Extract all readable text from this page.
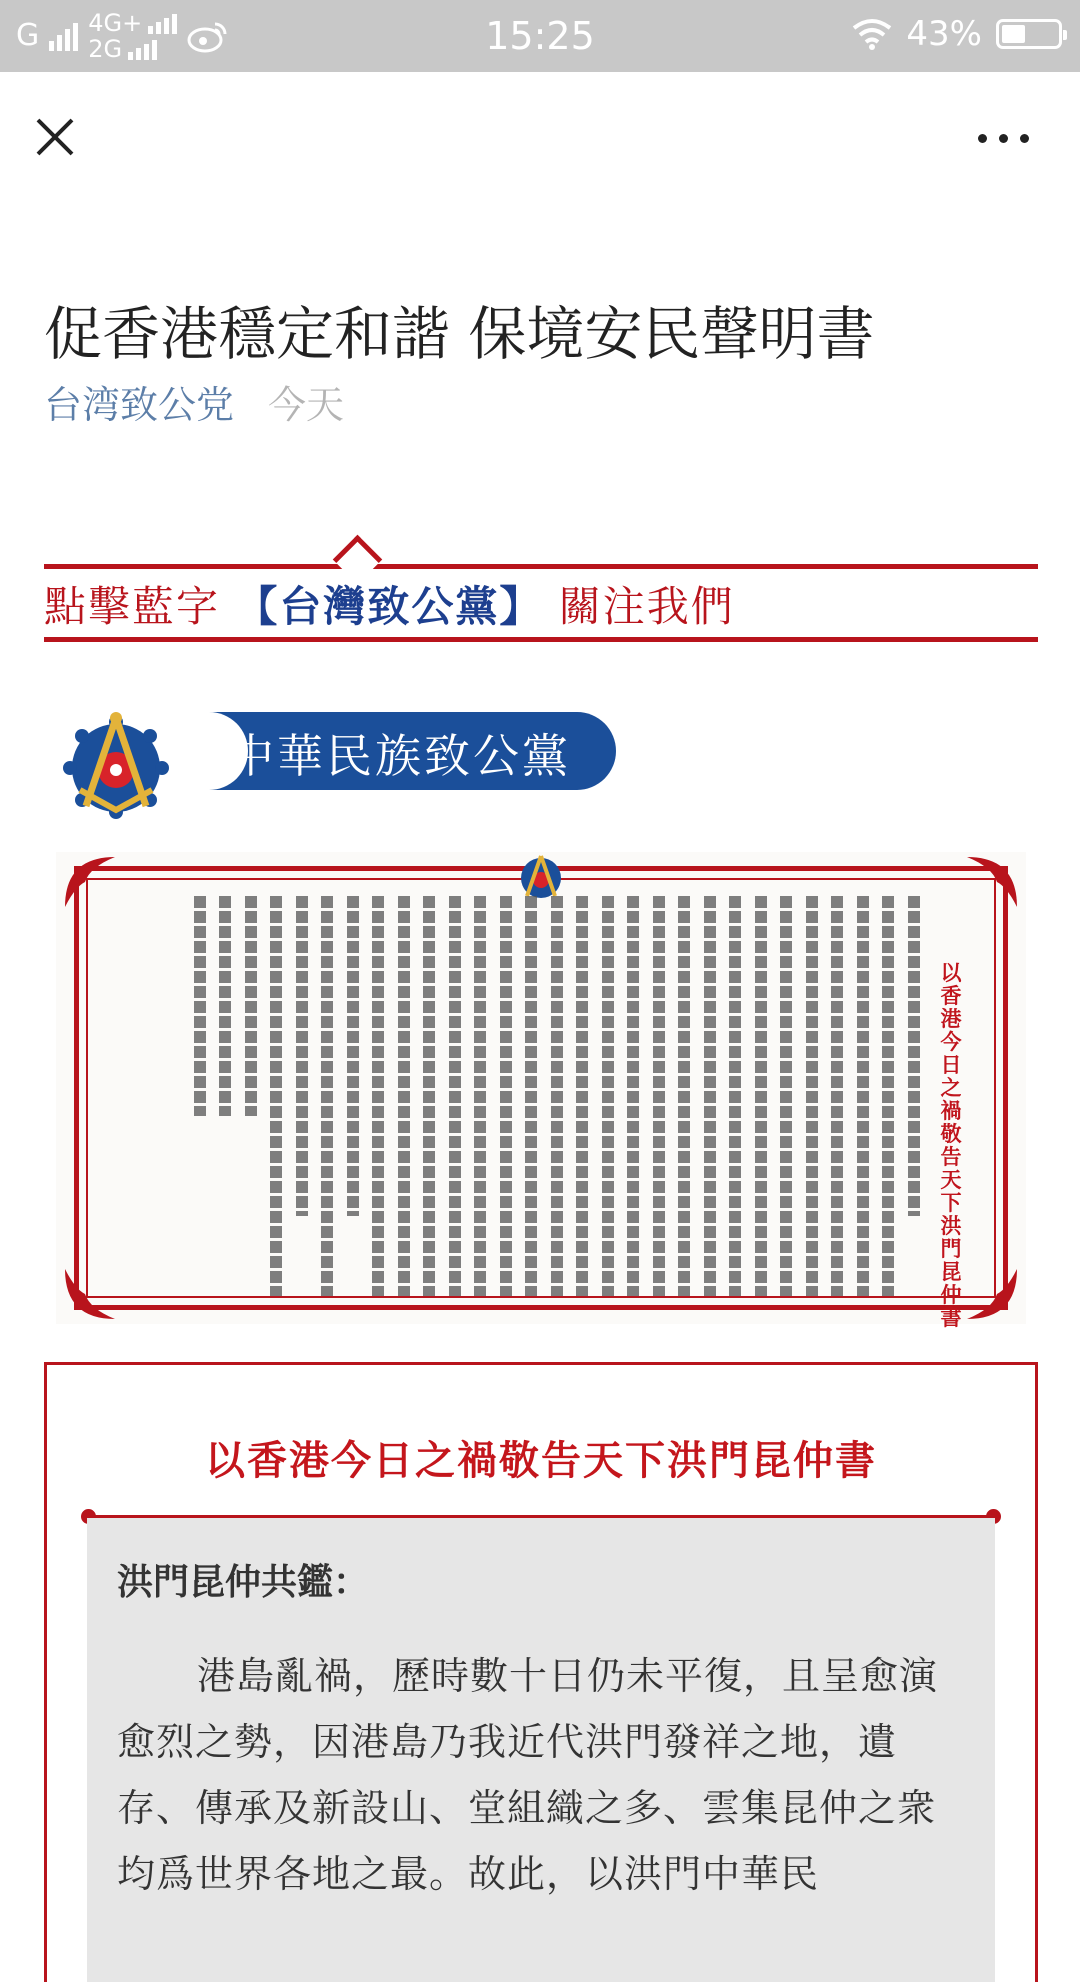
G 4G+
2G	15:25	43%
促香港穩定和諧 保境安民聲明書
台湾致公党 今天
點擊藍字 【台灣致公黨】 關注我們
中華民族致公黨
以香港今日之禍敬告天下洪門昆仲書
以香港今日之禍敬告天下洪門昆仲書
洪門昆仲共鑑：
港島亂禍，歷時數十日仍未平復，且呈愈演愈烈之勢，因港島乃我近代洪門發祥之地，遺存、傳承及新設山、堂組織之多、雲集昆仲之衆均爲世界各地之最。故此，以洪門中華民
